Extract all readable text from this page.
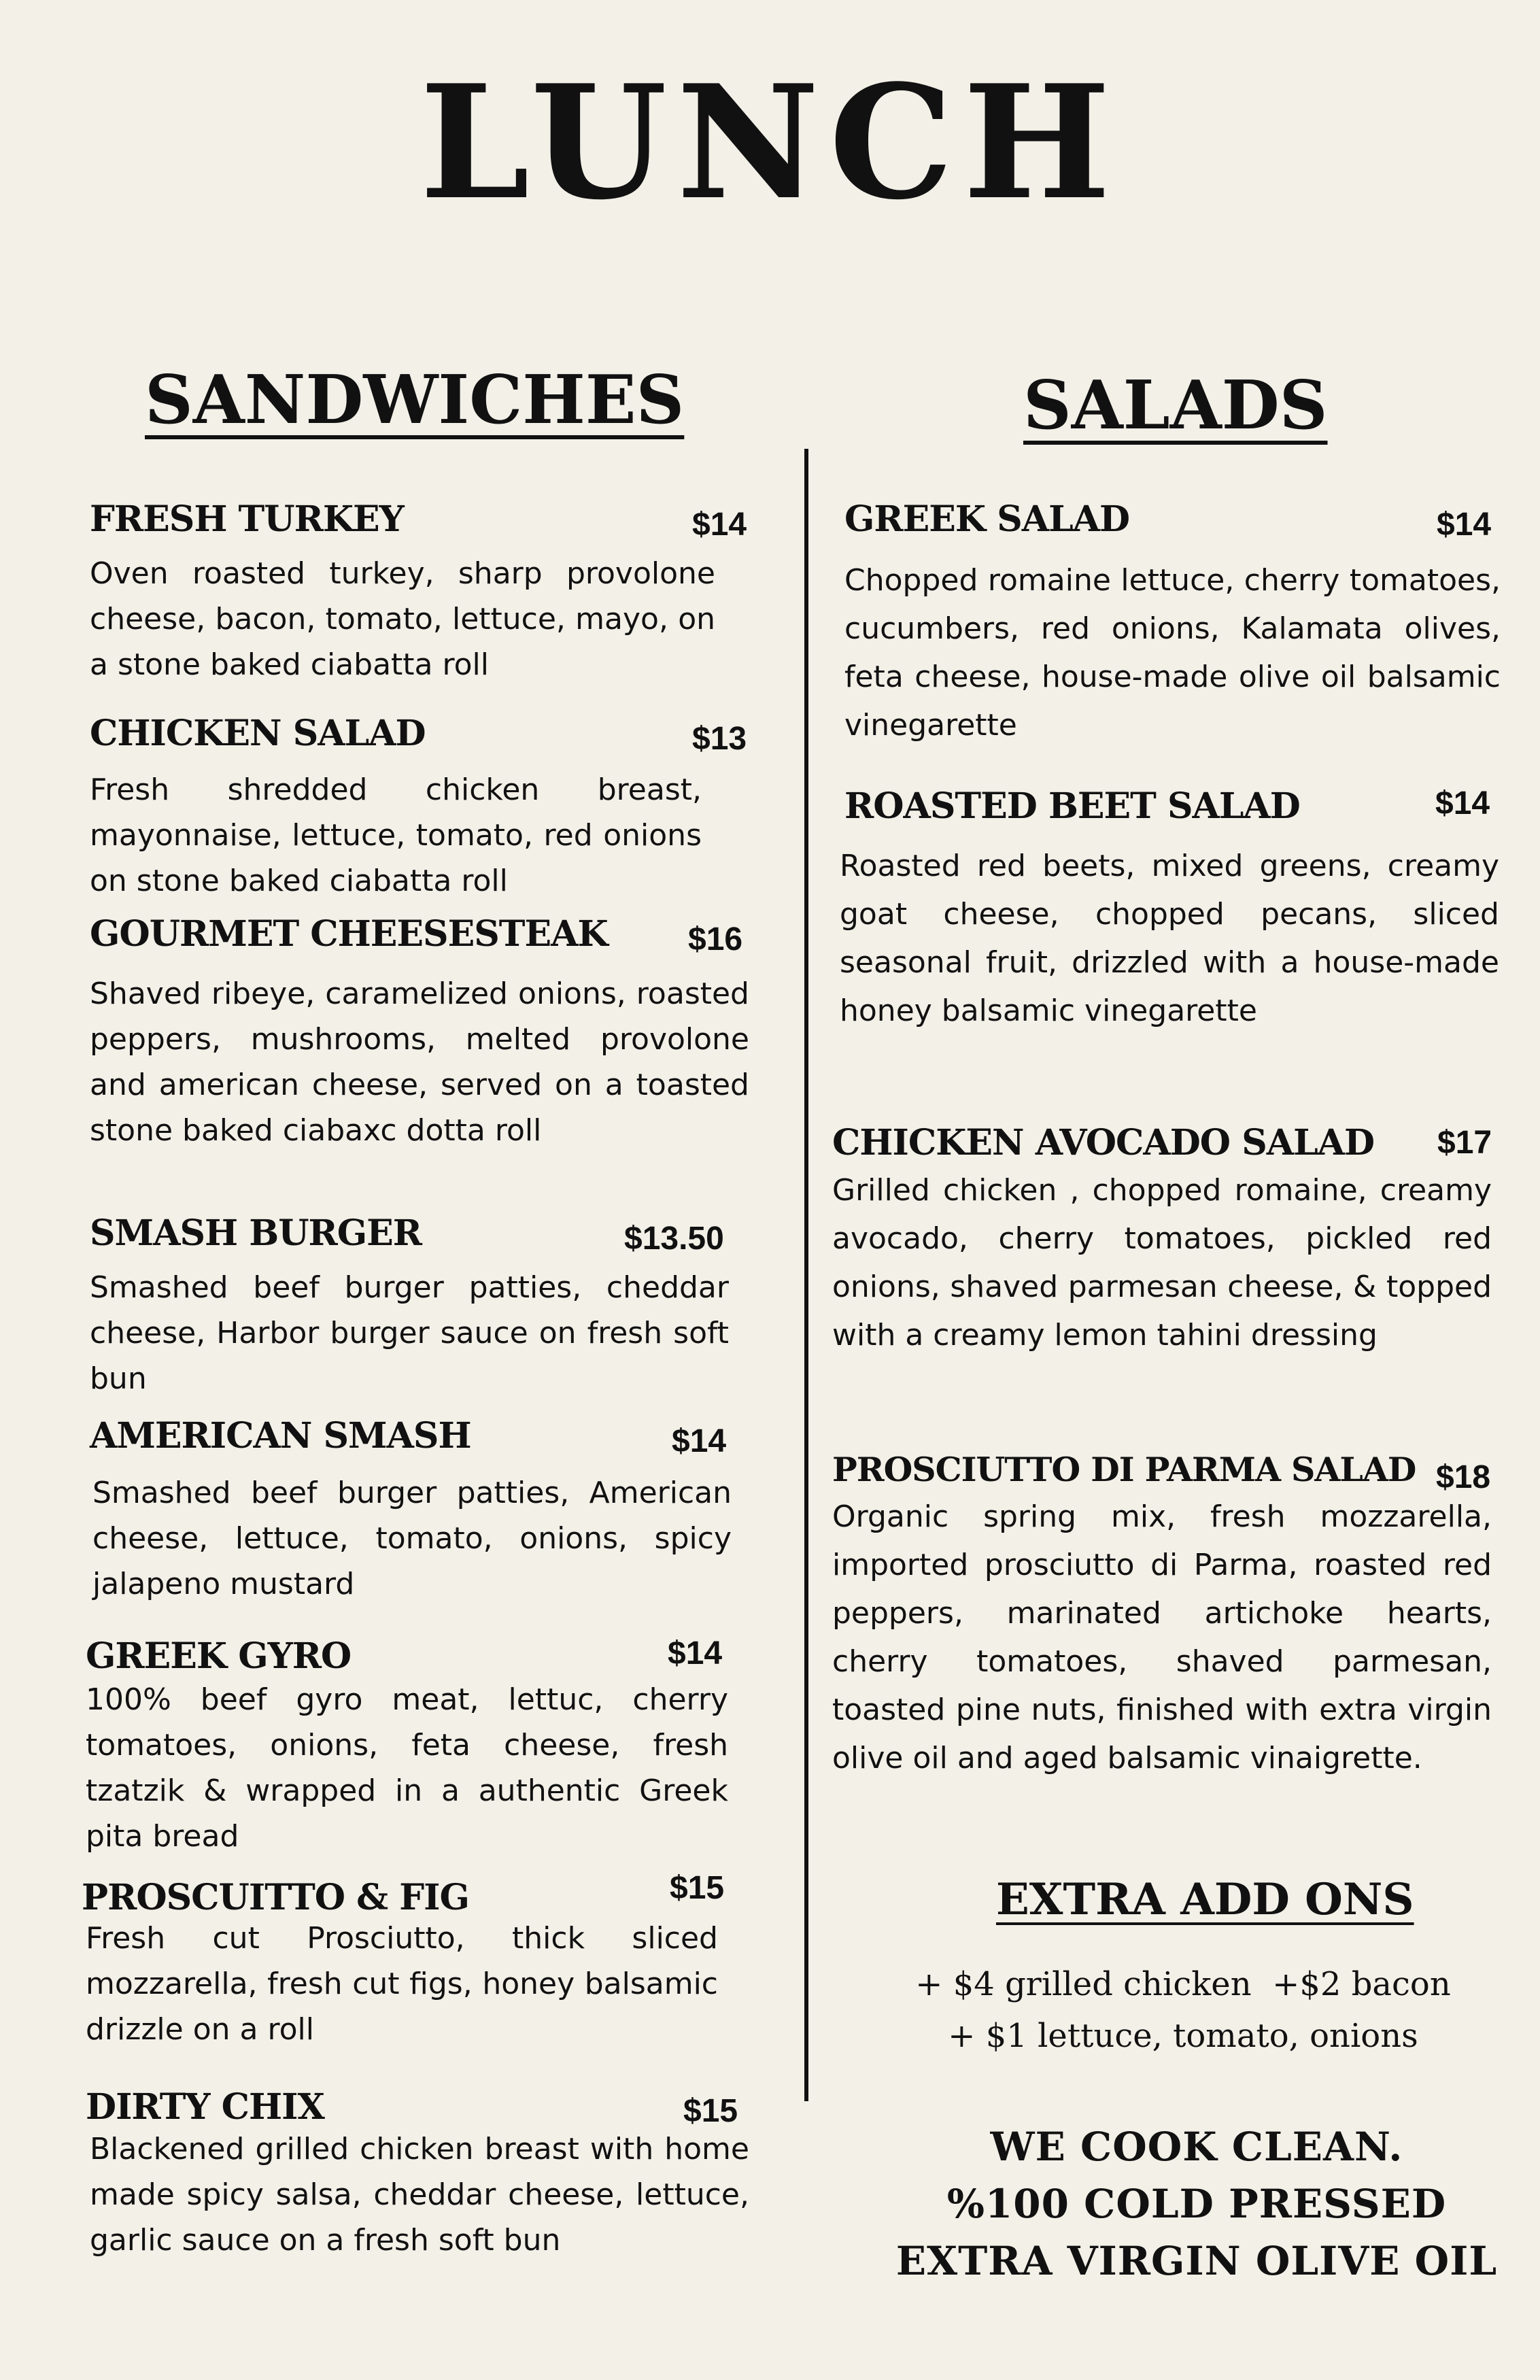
LUNCH
SANDWICHES	SALADS
FRESH TURKEY	$14
Oven roasted turkey, sharp provolone cheese, bacon, tomato, lettuce, mayo, on a stone baked ciabatta roll
CHICKEN SALAD	$13
Fresh shredded chicken breast, mayonnaise, lettuce, tomato, red onions on stone baked ciabatta roll
GOURMET CHEESESTEAK $16
Shaved ribeye, caramelized onions, roasted peppers, mushrooms, melted provolone and american cheese, served on a toasted stone baked ciabaxc dotta roll
SMASH BURGER	$13.50
Smashed beef burger patties, cheddar cheese, Harbor burger sauce on fresh soft bun
AMERICAN SMASH	$14
Smashed beef burger patties, American cheese, lettuce, tomato, onions, spicy jalapeno mustard
GREEK GYRO	$14
100% beef gyro meat, lettuc, cherry tomatoes, onions, feta cheese, fresh tzatzik & wrapped in a authentic Greek pita bread
PROSCUITTO & FIG	$15
Fresh cut Prosciutto, thick sliced mozzarella, fresh cut figs, honey balsamic drizzle on a roll
DIRTY CHIX	$15
Blackened grilled chicken breast with home made spicy salsa, cheddar cheese, lettuce, garlic sauce on a fresh soft bun
GREEK SALAD	$14
Chopped romaine lettuce, cherry tomatoes, cucumbers, red onions, Kalamata olives, feta cheese, house-made olive oil balsamic vinegarette
ROASTED BEET SALAD	$14
Roasted red beets, mixed greens, creamy goat cheese, chopped pecans, sliced seasonal fruit, drizzled with a house-made honey balsamic vinegarette
CHICKEN AVOCADO SALAD $17
Grilled chicken , chopped romaine, creamy avocado, cherry tomatoes, pickled red onions, shaved parmesan cheese, & topped with a creamy lemon tahini dressing
PROSCIUTTO DI PARMA SALAD $18
Organic spring mix, fresh mozzarella, imported prosciutto di Parma, roasted red peppers, marinated artichoke hearts, cherry tomatoes, shaved parmesan, toasted pine nuts, finished with extra virgin olive oil and aged balsamic vinaigrette.
EXTRA ADD ONS
+ $4 grilled chicken  +$2 bacon
+ $1 lettuce, tomato, onions
WE COOK CLEAN.
%100 COLD PRESSED
EXTRA VIRGIN OLIVE OIL
